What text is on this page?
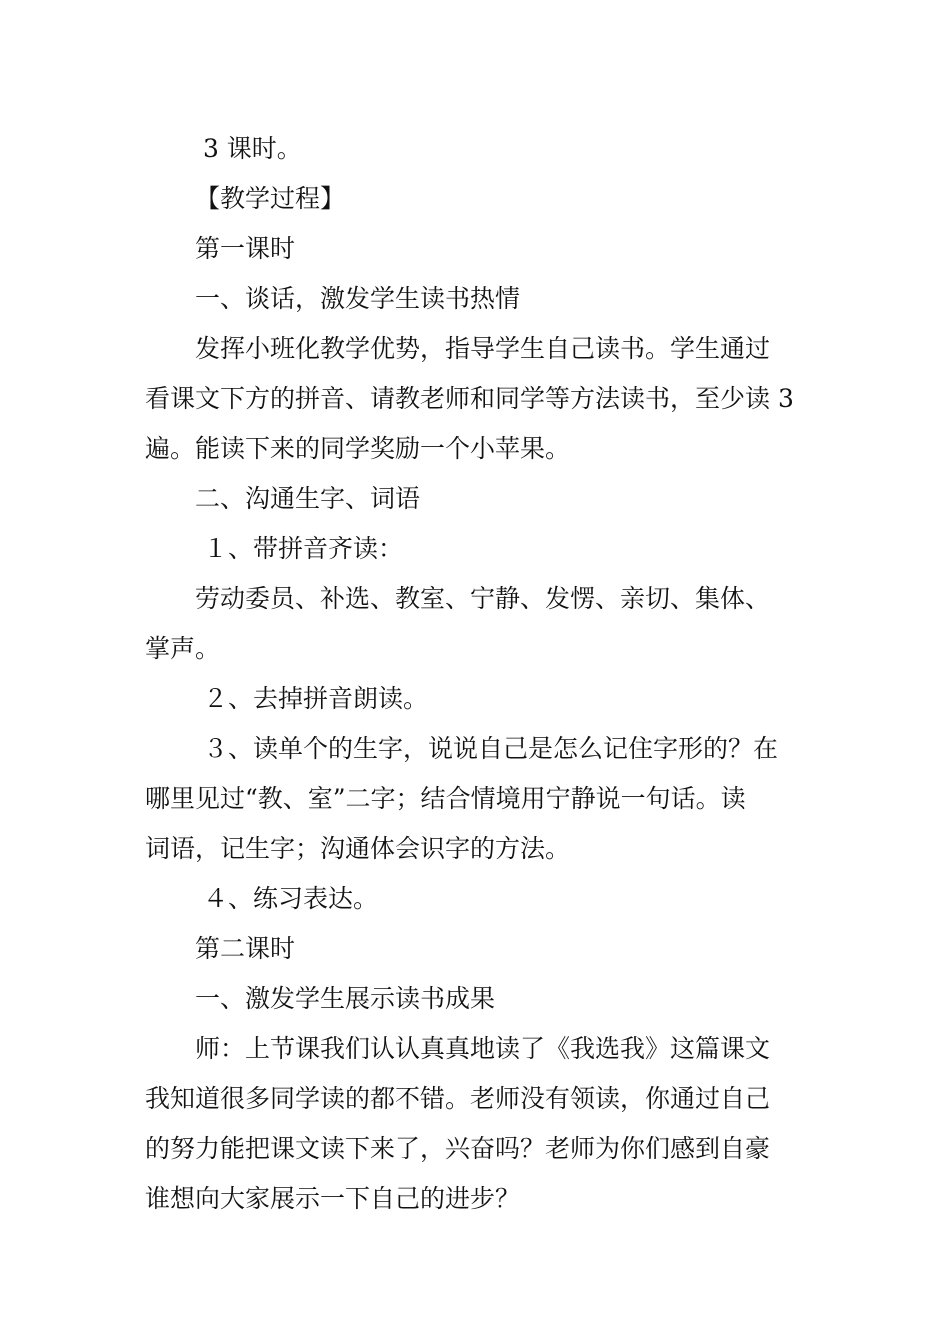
3 课时。
【教学过程】
第一课时
一、谈话，激发学生读书热情
发挥小班化教学优势，指导学生自己读书。学生通过
看课文下方的拼音、请教老师和同学等方法读书，至少读 3
遍。能读下来的同学奖励一个小苹果。
二、沟通生字、词语
１、带拼音齐读：
劳动委员、补选、教室、宁静、发愣、亲切、集体、
掌声。
２、去掉拼音朗读。
３、读单个的生字，说说自己是怎么记住字形的？在
哪里见过“教、室”二字；结合情境用宁静说一句话。读
词语，记生字；沟通体会识字的方法。
４、练习表达。
第二课时
一、激发学生展示读书成果
师：上节课我们认认真真地读了《我选我》这篇课文
我知道很多同学读的都不错。老师没有领读，你通过自己
的努力能把课文读下来了，兴奋吗？老师为你们感到自豪
谁想向大家展示一下自己的进步？
